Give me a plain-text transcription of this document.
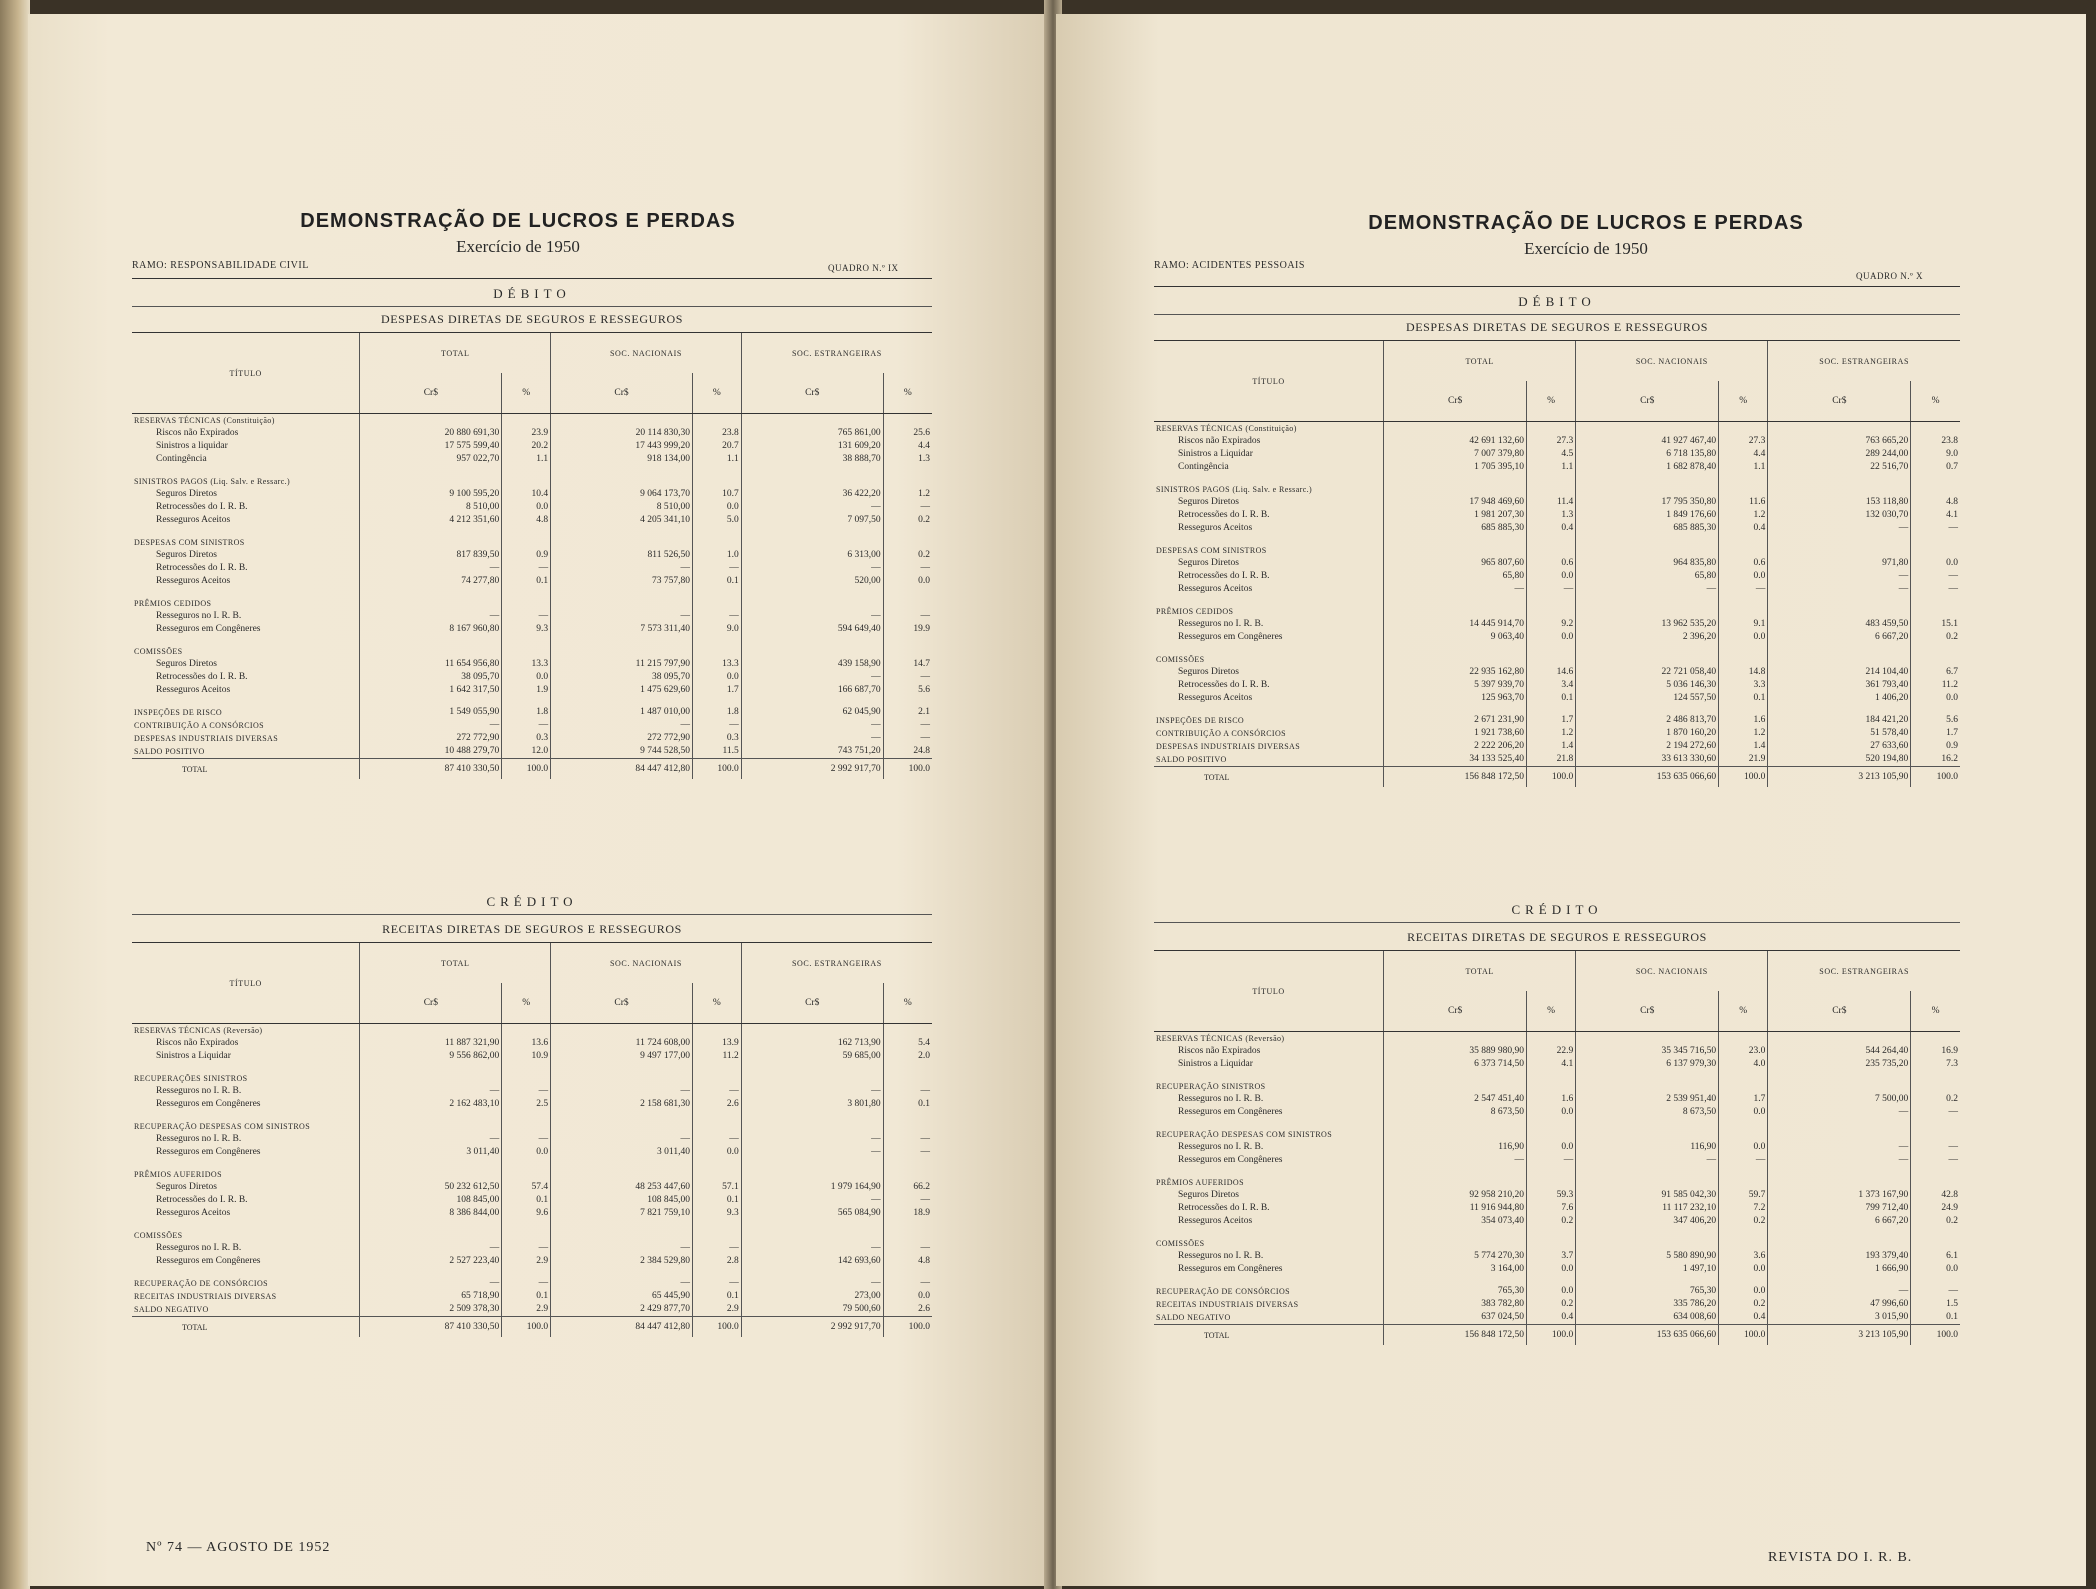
DEMONSTRAÇÃO DE LUCROS E PERDAS
Exercício de 1950
RAMO: RESPONSABILIDADE CIVIL	QUADRO N.º IX
DÉBITO
DESPESAS DIRETAS DE SEGUROS E RESSEGUROS
TÍTULO	TOTAL		SOC. NACIONAIS		SOC. ESTRANGEIRAS	
	Cr$	%	Cr$	%	Cr$	%
RESERVAS TÉCNICAS (Constituição)						
Riscos não Expirados	20 880 691,30	23.9	20 114 830,30	23.8	765 861,00	25.6
Sinistros a liquidar	17 575 599,40	20.2	17 443 999,20	20.7	131 609,20	4.4
Contingência	957 022,70	1.1	918 134,00	1.1	38 888,70	1.3

SINISTROS PAGOS (Liq. Salv. e Ressarc.)						
Seguros Diretos	9 100 595,20	10.4	9 064 173,70	10.7	36 422,20	1.2
Retrocessões do I. R. B.	8 510,00	0.0	8 510,00	0.0	—	—
Resseguros Aceitos	4 212 351,60	4.8	4 205 341,10	5.0	7 097,50	0.2

DESPESAS COM SINISTROS						
Seguros Diretos	817 839,50	0.9	811 526,50	1.0	6 313,00	0.2
Retrocessões do I. R. B.	—	—	—	—	—	—
Resseguros Aceitos	74 277,80	0.1	73 757,80	0.1	520,00	0.0

PRÊMIOS CEDIDOS						
Resseguros no I. R. B.	—	—	—	—	—	—
Resseguros em Congêneres	8 167 960,80	9.3	7 573 311,40	9.0	594 649,40	19.9

COMISSÕES						
Seguros Diretos	11 654 956,80	13.3	11 215 797,90	13.3	439 158,90	14.7
Retrocessões do I. R. B.	38 095,70	0.0	38 095,70	0.0	—	—
Resseguros Aceitos	1 642 317,50	1.9	1 475 629,60	1.7	166 687,70	5.6

INSPEÇÕES DE RISCO	1 549 055,90	1.8	1 487 010,00	1.8	62 045,90	2.1
CONTRIBUIÇÃO A CONSÓRCIOS	—	—	—	—	—	—
DESPESAS INDUSTRIAIS DIVERSAS	272 772,90	0.3	272 772,90	0.3	—	—
SALDO POSITIVO	10 488 279,70	12.0	9 744 528,50	11.5	743 751,20	24.8
TOTAL	87 410 330,50	100.0	84 447 412,80	100.0	2 992 917,70	100.0
CRÉDITO
RECEITAS DIRETAS DE SEGUROS E RESSEGUROS
TÍTULO	TOTAL		SOC. NACIONAIS		SOC. ESTRANGEIRAS	
	Cr$	%	Cr$	%	Cr$	%
RESERVAS TÉCNICAS (Reversão)						
Riscos não Expirados	11 887 321,90	13.6	11 724 608,00	13.9	162 713,90	5.4
Sinistros a Liquidar	9 556 862,00	10.9	9 497 177,00	11.2	59 685,00	2.0

RECUPERAÇÕES SINISTROS						
Resseguros no I. R. B.	—	—	—	—	—	—
Resseguros em Congêneres	2 162 483,10	2.5	2 158 681,30	2.6	3 801,80	0.1

RECUPERAÇÃO DESPESAS COM SINISTROS						
Resseguros no I. R. B.	—	—	—	—	—	—
Resseguros em Congêneres	3 011,40	0.0	3 011,40	0.0	—	—

PRÊMIOS AUFERIDOS						
Seguros Diretos	50 232 612,50	57.4	48 253 447,60	57.1	1 979 164,90	66.2
Retrocessões do I. R. B.	108 845,00	0.1	108 845,00	0.1	—	—
Resseguros Aceitos	8 386 844,00	9.6	7 821 759,10	9.3	565 084,90	18.9

COMISSÕES						
Resseguros no I. R. B.	—	—	—	—	—	—
Resseguros em Congêneres	2 527 223,40	2.9	2 384 529,80	2.8	142 693,60	4.8

RECUPERAÇÃO DE CONSÓRCIOS	—	—	—	—	—	—
RECEITAS INDUSTRIAIS DIVERSAS	65 718,90	0.1	65 445,90	0.1	273,00	0.0
SALDO NEGATIVO	2 509 378,30	2.9	2 429 877,70	2.9	79 500,60	2.6
TOTAL	87 410 330,50	100.0	84 447 412,80	100.0	2 992 917,70	100.0
Nº 74 — AGOSTO DE 1952
DEMONSTRAÇÃO DE LUCROS E PERDAS
Exercício de 1950
RAMO: ACIDENTES PESSOAIS
QUADRO N.º X
DÉBITO
DESPESAS DIRETAS DE SEGUROS E RESSEGUROS
TÍTULO	TOTAL		SOC. NACIONAIS		SOC. ESTRANGEIRAS	
	Cr$	%	Cr$	%	Cr$	%
RESERVAS TÉCNICAS (Constituição)						
Riscos não Expirados	42 691 132,60	27.3	41 927 467,40	27.3	763 665,20	23.8
Sinistros a Liquidar	7 007 379,80	4.5	6 718 135,80	4.4	289 244,00	9.0
Contingência	1 705 395,10	1.1	1 682 878,40	1.1	22 516,70	0.7

SINISTROS PAGOS (Liq. Salv. e Ressarc.)						
Seguros Diretos	17 948 469,60	11.4	17 795 350,80	11.6	153 118,80	4.8
Retrocessões do I. R. B.	1 981 207,30	1.3	1 849 176,60	1.2	132 030,70	4.1
Resseguros Aceitos	685 885,30	0.4	685 885,30	0.4	—	—

DESPESAS COM SINISTROS						
Seguros Diretos	965 807,60	0.6	964 835,80	0.6	971,80	0.0
Retrocessões do I. R. B.	65,80	0.0	65,80	0.0	—	—
Resseguros Aceitos	—	—	—	—	—	—

PRÊMIOS CEDIDOS						
Resseguros no I. R. B.	14 445 914,70	9.2	13 962 535,20	9.1	483 459,50	15.1
Resseguros em Congêneres	9 063,40	0.0	2 396,20	0.0	6 667,20	0.2

COMISSÕES						
Seguros Diretos	22 935 162,80	14.6	22 721 058,40	14.8	214 104,40	6.7
Retrocessões do I. R. B.	5 397 939,70	3.4	5 036 146,30	3.3	361 793,40	11.2
Resseguros Aceitos	125 963,70	0.1	124 557,50	0.1	1 406,20	0.0

INSPEÇÕES DE RISCO	2 671 231,90	1.7	2 486 813,70	1.6	184 421,20	5.6
CONTRIBUIÇÃO A CONSÓRCIOS	1 921 738,60	1.2	1 870 160,20	1.2	51 578,40	1.7
DESPESAS INDUSTRIAIS DIVERSAS	2 222 206,20	1.4	2 194 272,60	1.4	27 633,60	0.9
SALDO POSITIVO	34 133 525,40	21.8	33 613 330,60	21.9	520 194,80	16.2
TOTAL	156 848 172,50	100.0	153 635 066,60	100.0	3 213 105,90	100.0
CRÉDITO
RECEITAS DIRETAS DE SEGUROS E RESSEGUROS
TÍTULO	TOTAL		SOC. NACIONAIS		SOC. ESTRANGEIRAS	
	Cr$	%	Cr$	%	Cr$	%
RESERVAS TÉCNICAS (Reversão)						
Riscos não Expirados	35 889 980,90	22.9	35 345 716,50	23.0	544 264,40	16.9
Sinistros a Liquidar	6 373 714,50	4.1	6 137 979,30	4.0	235 735,20	7.3

RECUPERAÇÃO SINISTROS						
Resseguros no I. R. B.	2 547 451,40	1.6	2 539 951,40	1.7	7 500,00	0.2
Resseguros em Congêneres	8 673,50	0.0	8 673,50	0.0	—	—

RECUPERAÇÃO DESPESAS COM SINISTROS						
Resseguros no I. R. B.	116,90	0.0	116,90	0.0	—	—
Resseguros em Congêneres	—	—	—	—	—	—

PRÊMIOS AUFERIDOS						
Seguros Diretos	92 958 210,20	59.3	91 585 042,30	59.7	1 373 167,90	42.8
Retrocessões do I. R. B.	11 916 944,80	7.6	11 117 232,10	7.2	799 712,40	24.9
Resseguros Aceitos	354 073,40	0.2	347 406,20	0.2	6 667,20	0.2

COMISSÕES						
Resseguros no I. R. B.	5 774 270,30	3.7	5 580 890,90	3.6	193 379,40	6.1
Resseguros em Congêneres	3 164,00	0.0	1 497,10	0.0	1 666,90	0.0

RECUPERAÇÃO DE CONSÓRCIOS	765,30	0.0	765,30	0.0	—	—
RECEITAS INDUSTRIAIS DIVERSAS	383 782,80	0.2	335 786,20	0.2	47 996,60	1.5
SALDO NEGATIVO	637 024,50	0.4	634 008,60	0.4	3 015,90	0.1
TOTAL	156 848 172,50	100.0	153 635 066,60	100.0	3 213 105,90	100.0
REVISTA DO I. R. B.
